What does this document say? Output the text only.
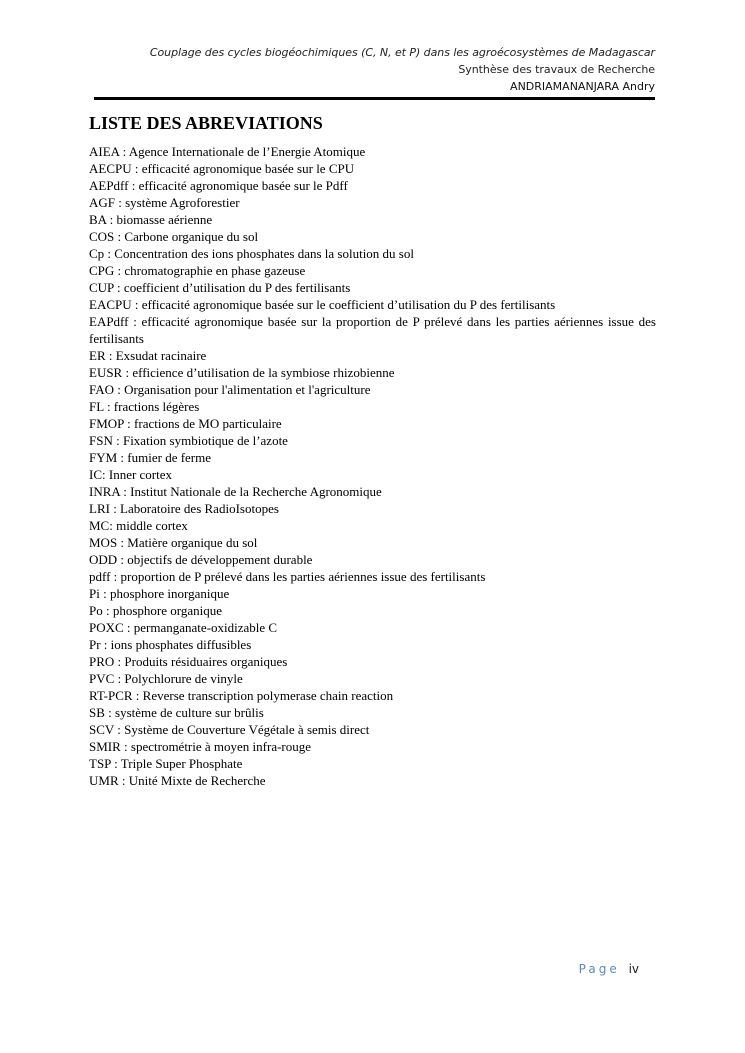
Couplage des cycles biogéochimiques (C, N, et P) dans les agroécosystèmes de Madagascar
Synthèse des travaux de Recherche
ANDRIAMANANJARA Andry
LISTE DES ABREVIATIONS
AIEA : Agence Internationale de l’Energie Atomique
AECPU : efficacité agronomique basée sur le CPU
AEPdff : efficacité agronomique basée sur le Pdff
AGF : système Agroforestier
BA : biomasse aérienne
COS : Carbone organique du sol
Cp : Concentration des ions phosphates dans la solution du sol
CPG : chromatographie en phase gazeuse
CUP : coefficient d’utilisation du P des fertilisants
EACPU : efficacité agronomique basée sur le coefficient d’utilisation du P des fertilisants
EAPdff : efficacité agronomique basée sur la proportion de P prélevé dans les parties aériennes issue des fertilisants
ER : Exsudat racinaire
EUSR : efficience d’utilisation de la symbiose rhizobienne
FAO : Organisation pour l'alimentation et l'agriculture
FL : fractions légères
FMOP : fractions de MO particulaire
FSN : Fixation symbiotique de l’azote
FYM : fumier de ferme
IC: Inner cortex
INRA : Institut Nationale de la Recherche Agronomique
LRI : Laboratoire des RadioIsotopes
MC: middle cortex
MOS : Matière organique du sol
ODD : objectifs de développement durable
pdff : proportion de P prélevé dans les parties aériennes issue des fertilisants
Pi : phosphore inorganique
Po : phosphore organique
POXC : permanganate-oxidizable C
Pr : ions phosphates diffusibles
PRO : Produits résiduaires organiques
PVC : Polychlorure de vinyle
RT-PCR : Reverse transcription polymerase chain reaction
SB : système de culture sur brûlis
SCV : Système de Couverture Végétale à semis direct
SMIR : spectrométrie à moyen infra-rouge
TSP : Triple Super Phosphate
UMR : Unité Mixte de Recherche
Page iv
